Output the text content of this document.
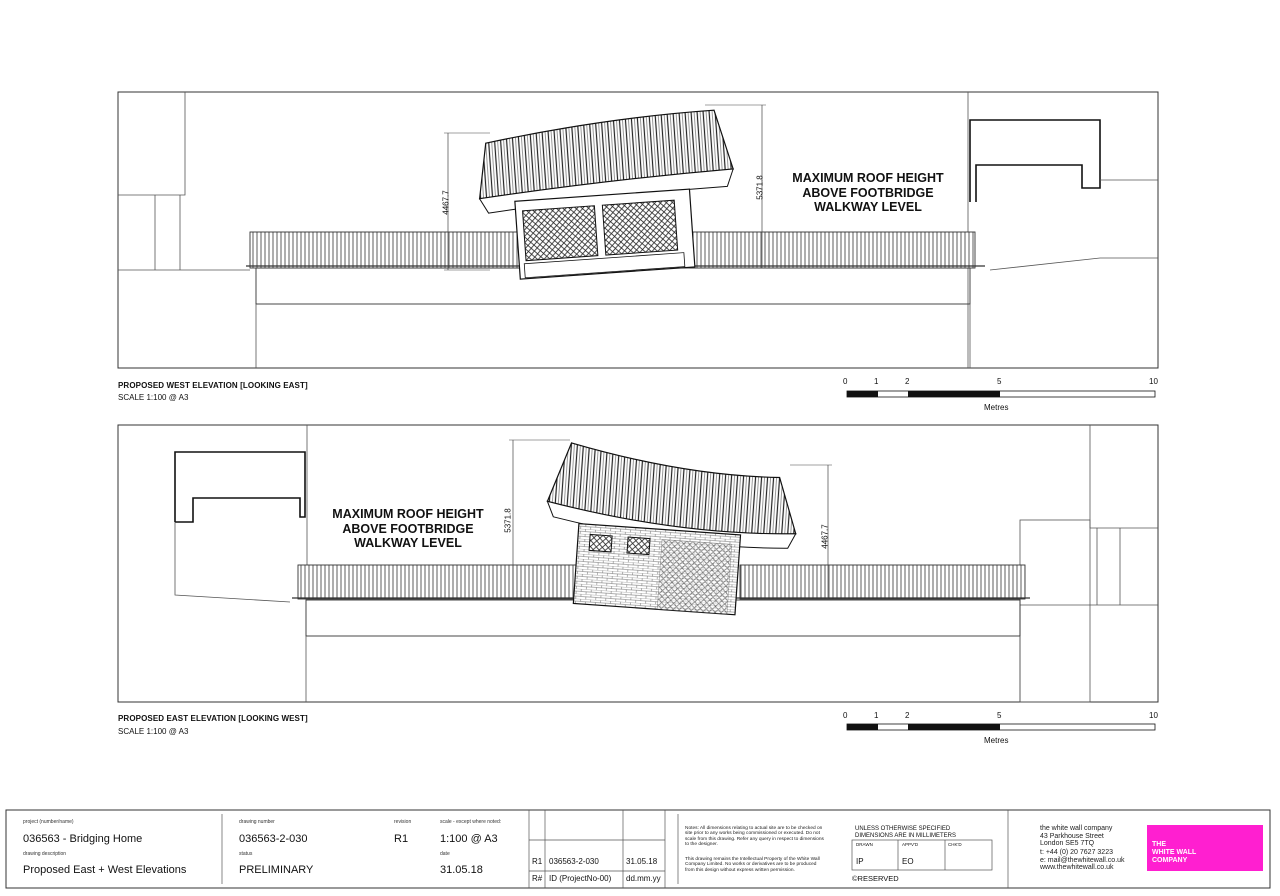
4467.7
5371.8	MAXIMUM ROOF HEIGHT
ABOVE FOOTBRIDGE
WALKWAY LEVEL
PROPOSED WEST ELEVATION [LOOKING EAST]
SCALE 1:100 @ A3
0	1	2	5	10
Metres
5371.8
4467.7
MAXIMUM ROOF HEIGHT
ABOVE FOOTBRIDGE
WALKWAY LEVEL
PROPOSED EAST ELEVATION [LOOKING WEST]
SCALE 1:100 @ A3
0	1	2	5	10
Metres
project (number/name)
036563 - Bridging Home
drawing description
Proposed East + West Elevations
drawing number
036563-2-030
status
PRELIMINARY
revision
R1
scale - except where noted:
1:100 @ A3
date
31.05.18
R1 036563-2-030	31.05.18
R# ID (ProjectNo-00) dd.mm.yy
Notes: All dimensions relating to actual site are to be checked on site prior to any works being commissioned or executed. Do not scale from this drawing. Refer any query in respect to dimensions to the designer.
This drawing remains the Intellectual Property of the White Wall Company Limited. No works or derivatives are to be produced from this design without express written permission.
UNLESS OTHERWISE SPECIFIED
DIMENSIONS ARE IN MILLIMETERS
DRAWN	APPV'D	CHK'D
IP	EO
©RESERVED
the white wall company
43 Parkhouse Street
London SE5 7TQ
t: +44 (0) 20 7627 3223
e: mail@thewhitewall.co.uk
www.thewhitewall.co.uk
THE
WHITE WALL
COMPANY
